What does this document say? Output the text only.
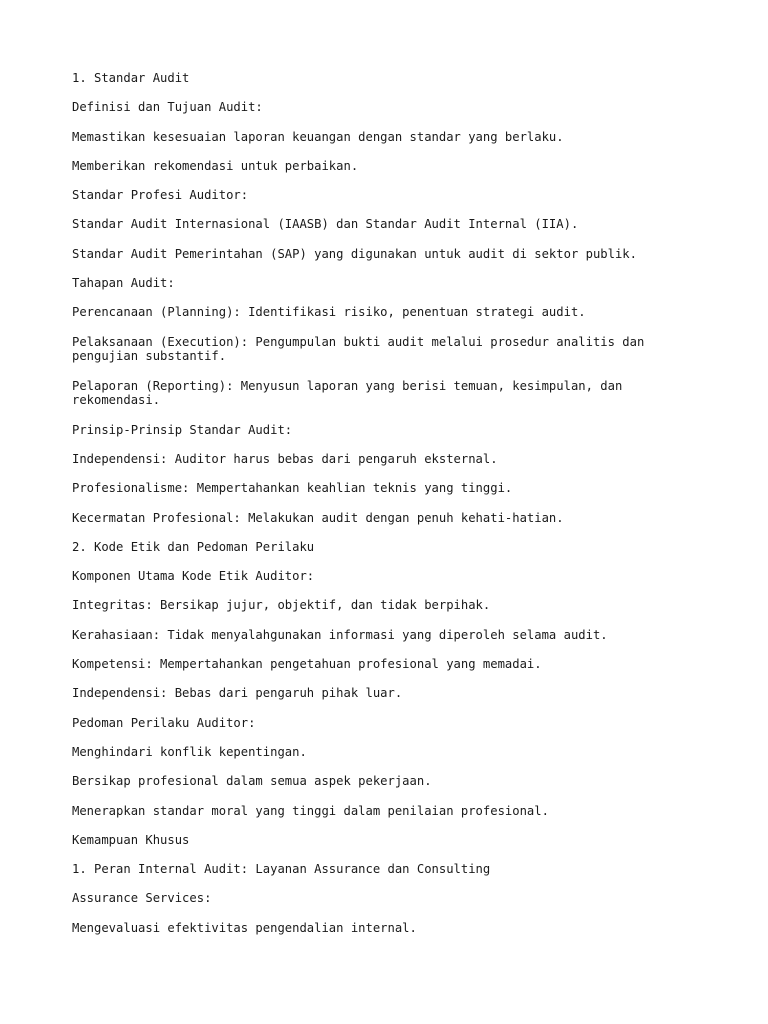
1. Standar Audit

Definisi dan Tujuan Audit:

Memastikan kesesuaian laporan keuangan dengan standar yang berlaku.

Memberikan rekomendasi untuk perbaikan.

Standar Profesi Auditor:

Standar Audit Internasional (IAASB) dan Standar Audit Internal (IIA).

Standar Audit Pemerintahan (SAP) yang digunakan untuk audit di sektor publik.

Tahapan Audit:

Perencanaan (Planning): Identifikasi risiko, penentuan strategi audit.

Pelaksanaan (Execution): Pengumpulan bukti audit melalui prosedur analitis dan
pengujian substantif.

Pelaporan (Reporting): Menyusun laporan yang berisi temuan, kesimpulan, dan
rekomendasi.

Prinsip-Prinsip Standar Audit:

Independensi: Auditor harus bebas dari pengaruh eksternal.

Profesionalisme: Mempertahankan keahlian teknis yang tinggi.

Kecermatan Profesional: Melakukan audit dengan penuh kehati-hatian.

2. Kode Etik dan Pedoman Perilaku

Komponen Utama Kode Etik Auditor:

Integritas: Bersikap jujur, objektif, dan tidak berpihak.

Kerahasiaan: Tidak menyalahgunakan informasi yang diperoleh selama audit.

Kompetensi: Mempertahankan pengetahuan profesional yang memadai.

Independensi: Bebas dari pengaruh pihak luar.

Pedoman Perilaku Auditor:

Menghindari konflik kepentingan.

Bersikap profesional dalam semua aspek pekerjaan.

Menerapkan standar moral yang tinggi dalam penilaian profesional.

Kemampuan Khusus

1. Peran Internal Audit: Layanan Assurance dan Consulting

Assurance Services:

Mengevaluasi efektivitas pengendalian internal.
